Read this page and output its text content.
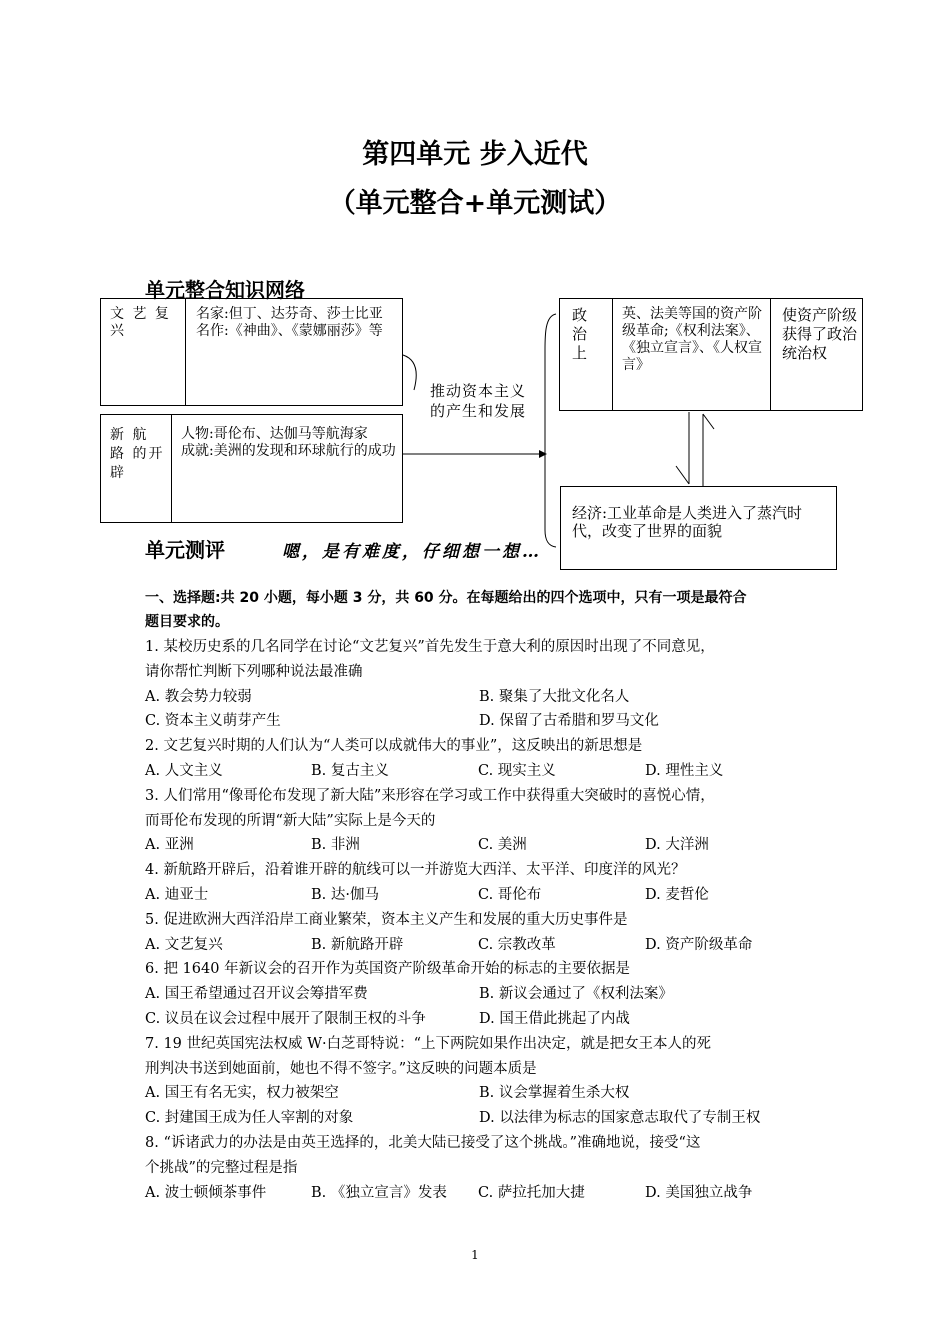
第四单元 步入近代
（单元整合+单元测试）
单元整合知识网络
文 艺 复兴
名家:但丁、达芬奇、莎士比亚
名作:《神曲》、《蒙娜丽莎》等
新 航 路 的开辟
人物:哥伦布、达伽马等航海家
成就:美洲的发现和环球航行的成功
推动资本主义的产生和发展
政治上
英、法美等国的资产阶级革命;《权利法案》、《独立宣言》、《人权宣言》
使资产阶级获得了政治统治权
经济:工业革命是人类进入了蒸汽时代，改变了世界的面貌
单元测评	嗯，是有难度，仔细想一想…
一、选择题:共 20 小题，每小题 3 分，共 60 分。在每题给出的四个选项中，只有一项是最符合
题目要求的。
1. 某校历史系的几名同学在讨论“文艺复兴”首先发生于意大利的原因时出现了不同意见，
请你帮忙判断下列哪种说法最准确
A. 教会势力较弱	B. 聚集了大批文化名人
C. 资本主义萌芽产生	D. 保留了古希腊和罗马文化
2. 文艺复兴时期的人们认为“人类可以成就伟大的事业”，这反映出的新思想是
A. 人文主义	B. 复古主义	C. 现实主义	D. 理性主义
3. 人们常用“像哥伦布发现了新大陆”来形容在学习或工作中获得重大突破时的喜悦心情，
而哥伦布发现的所谓“新大陆”实际上是今天的
A. 亚洲	B. 非洲	C. 美洲	D. 大洋洲
4. 新航路开辟后，沿着谁开辟的航线可以一并游览大西洋、太平洋、印度洋的风光？
A. 迪亚士	B. 达·伽马	C. 哥伦布	D. 麦哲伦
5. 促进欧洲大西洋沿岸工商业繁荣，资本主义产生和发展的重大历史事件是
A. 文艺复兴	B. 新航路开辟	C. 宗教改革	D. 资产阶级革命
6. 把 1640 年新议会的召开作为英国资产阶级革命开始的标志的主要依据是
A. 国王希望通过召开议会筹措军费	B. 新议会通过了《权利法案》
C. 议员在议会过程中展开了限制王权的斗争	D. 国王借此挑起了内战
7. 19 世纪英国宪法权威 W·白芝哥特说：“上下两院如果作出决定，就是把女王本人的死
刑判决书送到她面前，她也不得不签字。”这反映的问题本质是
A. 国王有名无实，权力被架空	B. 议会掌握着生杀大权
C. 封建国王成为任人宰割的对象	D. 以法律为标志的国家意志取代了专制王权
8. “诉诸武力的办法是由英王选择的，北美大陆已接受了这个挑战。”准确地说，接受“这
个挑战”的完整过程是指
A. 波士顿倾茶事件	B. 《独立宣言》发表 C. 萨拉托加大捷	D. 美国独立战争
1
